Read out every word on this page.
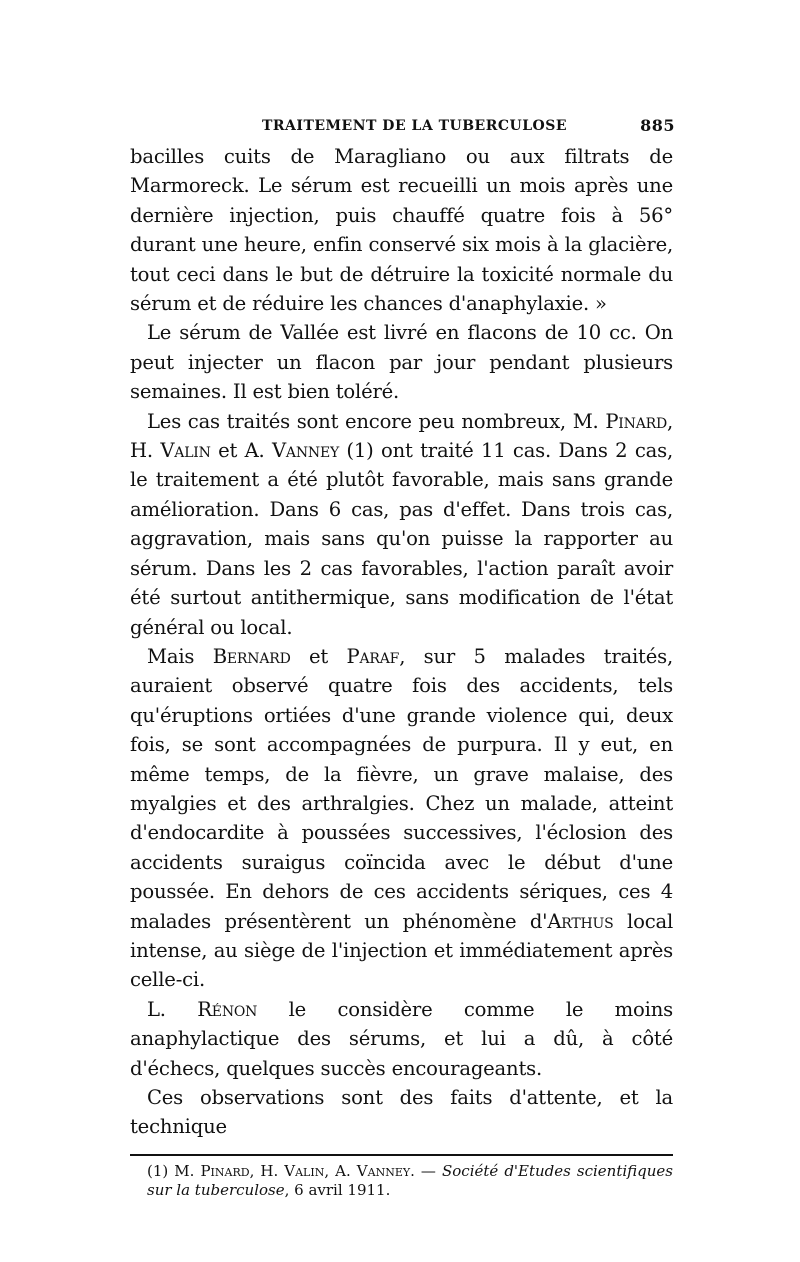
TRAITEMENT DE LA TUBERCULOSE	885

bacilles cuits de Maragliano ou aux filtrats de Marmoreck. Le sérum est recueilli un mois après une dernière injection, puis chauffé quatre fois à 56° durant une heure, enfin conservé six mois à la glacière, tout ceci dans le but de détruire la toxicité normale du sérum et de réduire les chances d'anaphylaxie. »

Le sérum de Vallée est livré en flacons de 10 cc. On peut injecter un flacon par jour pendant plusieurs semaines. Il est bien toléré.

Les cas traités sont encore peu nombreux, M. Pinard, H. Valin et A. Vanney (1) ont traité 11 cas. Dans 2 cas, le traitement a été plutôt favorable, mais sans grande amélioration. Dans 6 cas, pas d'effet. Dans trois cas, aggravation, mais sans qu'on puisse la rapporter au sérum. Dans les 2 cas favorables, l'action paraît avoir été surtout antithermique, sans modification de l'état général ou local.

Mais Bernard et Paraf, sur 5 malades traités, auraient observé quatre fois des accidents, tels qu'éruptions ortiées d'une grande violence qui, deux fois, se sont accompagnées de purpura. Il y eut, en même temps, de la fièvre, un grave malaise, des myalgies et des arthralgies. Chez un malade, atteint d'endocardite à poussées successives, l'éclosion des accidents suraigus coïncida avec le début d'une poussée. En dehors de ces accidents sériques, ces 4 malades présentèrent un phénomène d'Arthus local intense, au siège de l'injection et immédiatement après celle-ci.

L. Rénon le considère comme le moins anaphylactique des sérums, et lui a dû, à côté d'échecs, quelques succès encourageants.

Ces observations sont des faits d'attente, et la technique

(1) M. Pinard, H. Valin, A. Vanney. — Société d'Etudes scientifiques sur la tuberculose, 6 avril 1911.
